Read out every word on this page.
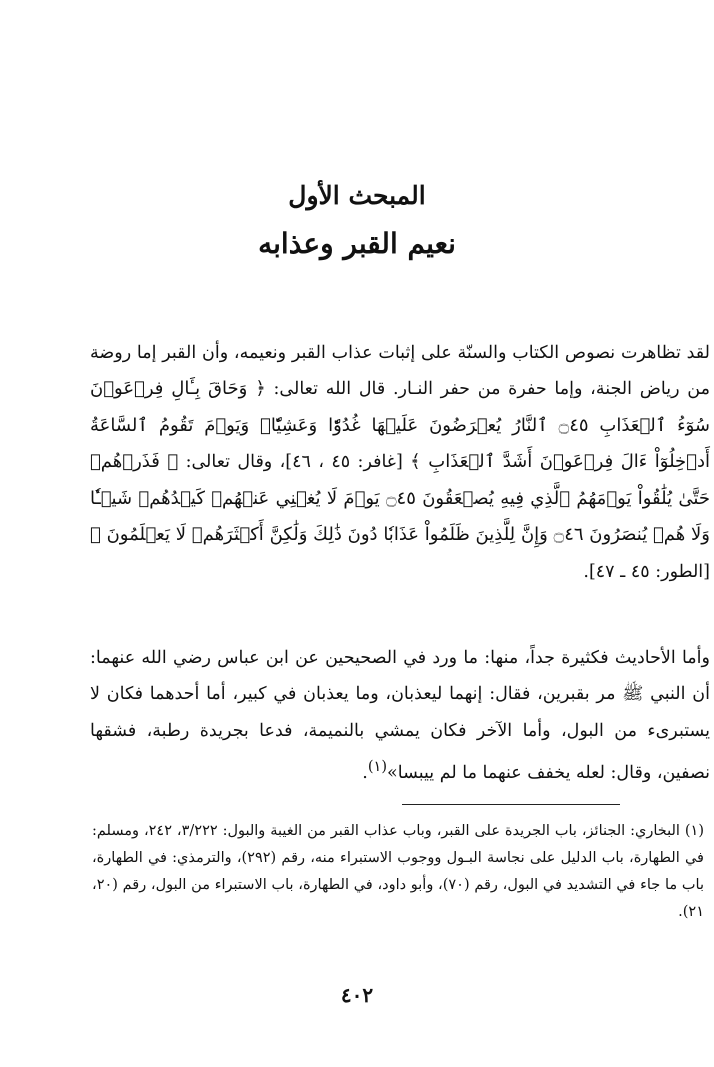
المبحث الأول
نعيم القبر وعذابه

لقد تظاهرت نصوص الكتاب والسنّة على إثبات عذاب القبر ونعيمه، وأن القبر إما روضة من رياض الجنة، وإما حفرة من حفر النـار. قال الله تعالى: ﴿ وَحَاقَ بِـَٔالِ فِرۡعَوۡنَ سُوٓءُ ٱلۡعَذَابِ ۝٤٥ ٱلنَّارُ يُعۡرَضُونَ عَلَيۡهَا غُدُوّٗا وَعَشِيّٗاۚ وَيَوۡمَ تَقُومُ ٱلسَّاعَةُ أَدۡخِلُوٓاْ ءَالَ فِرۡعَوۡنَ أَشَدَّ ٱلۡعَذَابِ ﴾ [غافر: ٤٥ ، ٤٦]، وقال تعالى: ﴿ فَذَرۡهُمۡ حَتَّىٰ يُلَٰقُواْ يَوۡمَهُمُ ٱلَّذِي فِيهِ يُصۡعَقُونَ ۝٤٥ يَوۡمَ لَا يُغۡنِي عَنۡهُمۡ كَيۡدُهُمۡ شَيۡـٔٗا وَلَا هُمۡ يُنصَرُونَ ۝٤٦ وَإِنَّ لِلَّذِينَ ظَلَمُواْ عَذَابٗا دُونَ ذَٰلِكَ وَلَٰكِنَّ أَكۡثَرَهُمۡ لَا يَعۡلَمُونَ ﴾ [الطور: ٤٥ ـ ٤٧].

وأما الأحاديث فكثيرة جداً، منها: ما ورد في الصحيحين عن ابن عباس رضي الله عنهما: أن النبي ﷺ مر بقبرين، فقال: إنهما ليعذبان، وما يعذبان في كبير، أما أحدهما فكان لا يستبرىء من البول، وأما الآخر فكان يمشي بالنميمة، فدعا بجريدة رطبة، فشقها نصفين، وقال: لعله يخفف عنهما ما لم ييبسا»$^{(١)}$.

(١) البخاري: الجنائز، باب الجريدة على القبر، وباب عذاب القبر من الغيبة والبول: ٣/٢٢٢، ٢٤٢، ومسلم: في الطهارة، باب الدليل على نجاسة البـول ووجوب الاستبراء منه، رقم (٢٩٢)، والترمذي: في الطهارة، باب ما جاء في التشديد في البول، رقم (٧٠)، وأبو داود، في الطهارة، باب الاستبراء من البول، رقم (٢٠، ٢١).
٤٠٢
